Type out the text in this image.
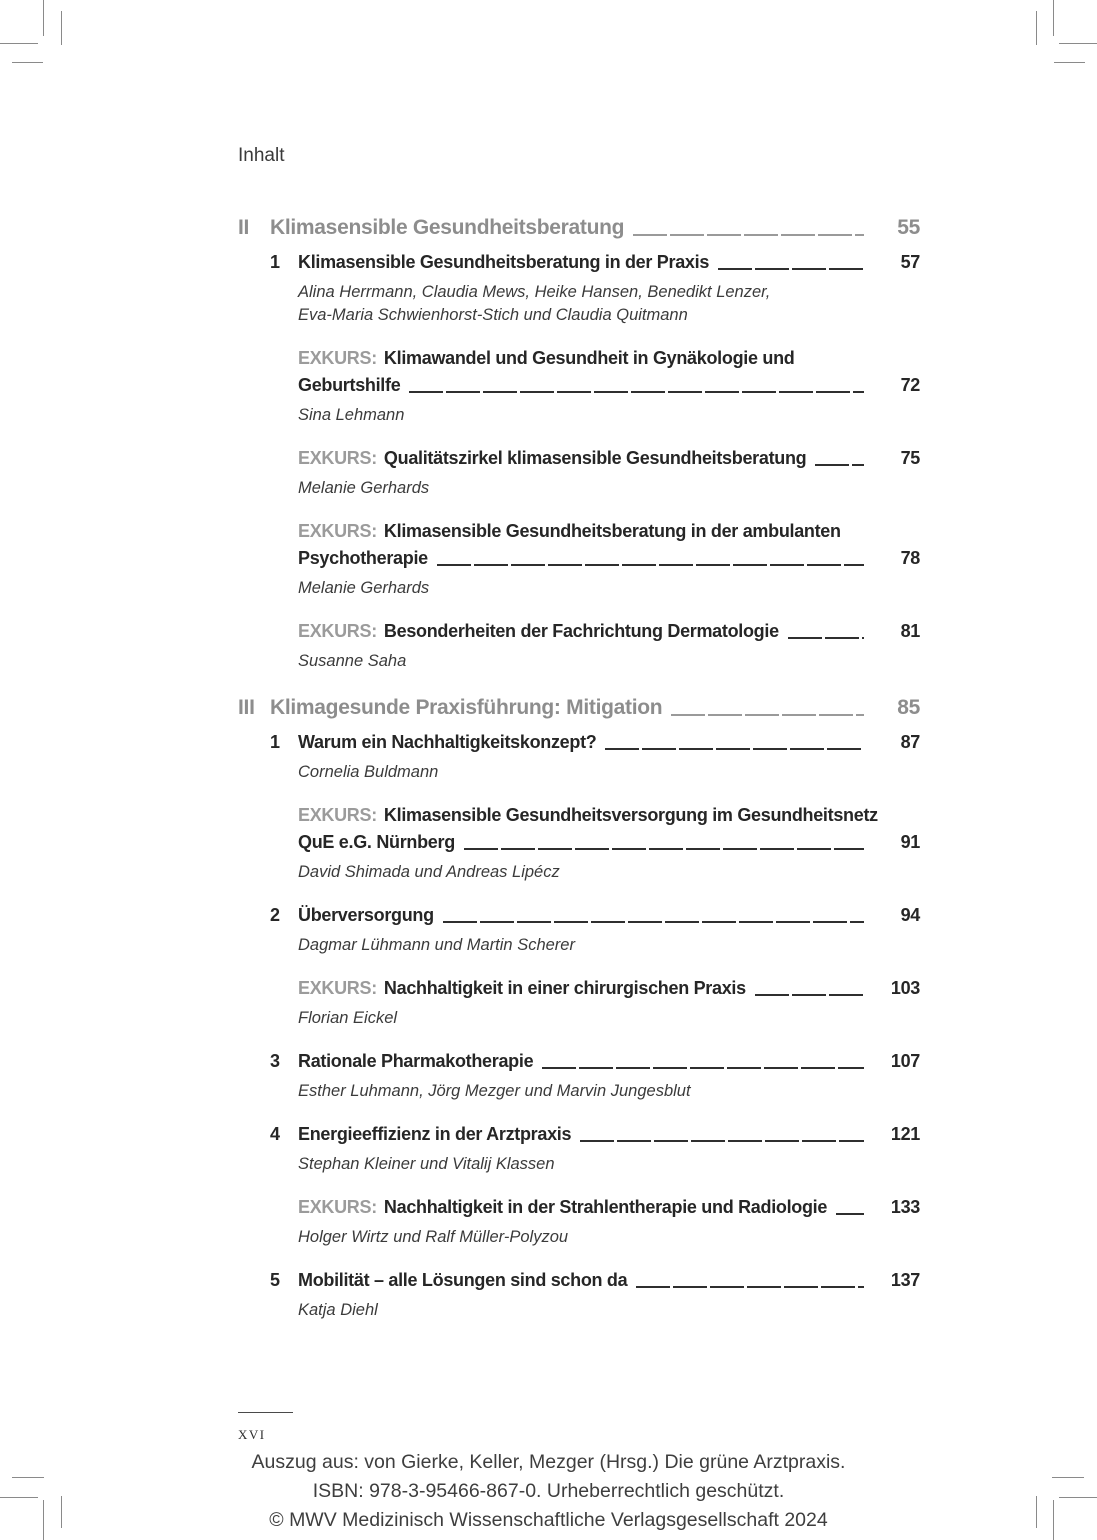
Inhalt
II Klimasensible Gesundheitsberatung	55
1	Klimasensible Gesundheitsberatung in der Praxis	57
Alina Herrmann, Claudia Mews, Heike Hansen, Benedikt Lenzer,
Eva-Maria Schwienhorst-Stich und Claudia Quitmann
EXKURS: Klimawandel und Gesundheit in Gynäkologie und
Geburtshilfe	72
Sina Lehmann
EXKURS: Qualitätszirkel klimasensible Gesundheitsberatung	75
Melanie Gerhards
EXKURS: Klimasensible Gesundheitsberatung in der ambulanten
Psychotherapie	78
Melanie Gerhards
EXKURS: Besonderheiten der Fachrichtung Dermatologie	81
Susanne Saha
III Klimagesunde Praxisführung: Mitigation	85
1	Warum ein Nachhaltigkeitskonzept?	87
Cornelia Buldmann
EXKURS: Klimasensible Gesundheitsversorgung im Gesundheitsnetz
QuE e.G. Nürnberg	91
David Shimada und Andreas Lipécz
2	Überversorgung	94
Dagmar Lühmann und Martin Scherer
EXKURS: Nachhaltigkeit in einer chirurgischen Praxis	103
Florian Eickel
3	Rationale Pharmakotherapie	107
Esther Luhmann, Jörg Mezger und Marvin Jungesblut
4	Energieeffizienz in der Arztpraxis	121
Stephan Kleiner und Vitalij Klassen
EXKURS: Nachhaltigkeit in der Strahlentherapie und Radiologie	133
Holger Wirtz und Ralf Müller-Polyzou
5	Mobilität – alle Lösungen sind schon da	137
Katja Diehl
xvi
Auszug aus: von Gierke, Keller, Mezger (Hrsg.) Die grüne Arztpraxis.
ISBN: 978-3-95466-867-0. Urheberrechtlich geschützt.
© MWV Medizinisch Wissenschaftliche Verlagsgesellschaft 2024
